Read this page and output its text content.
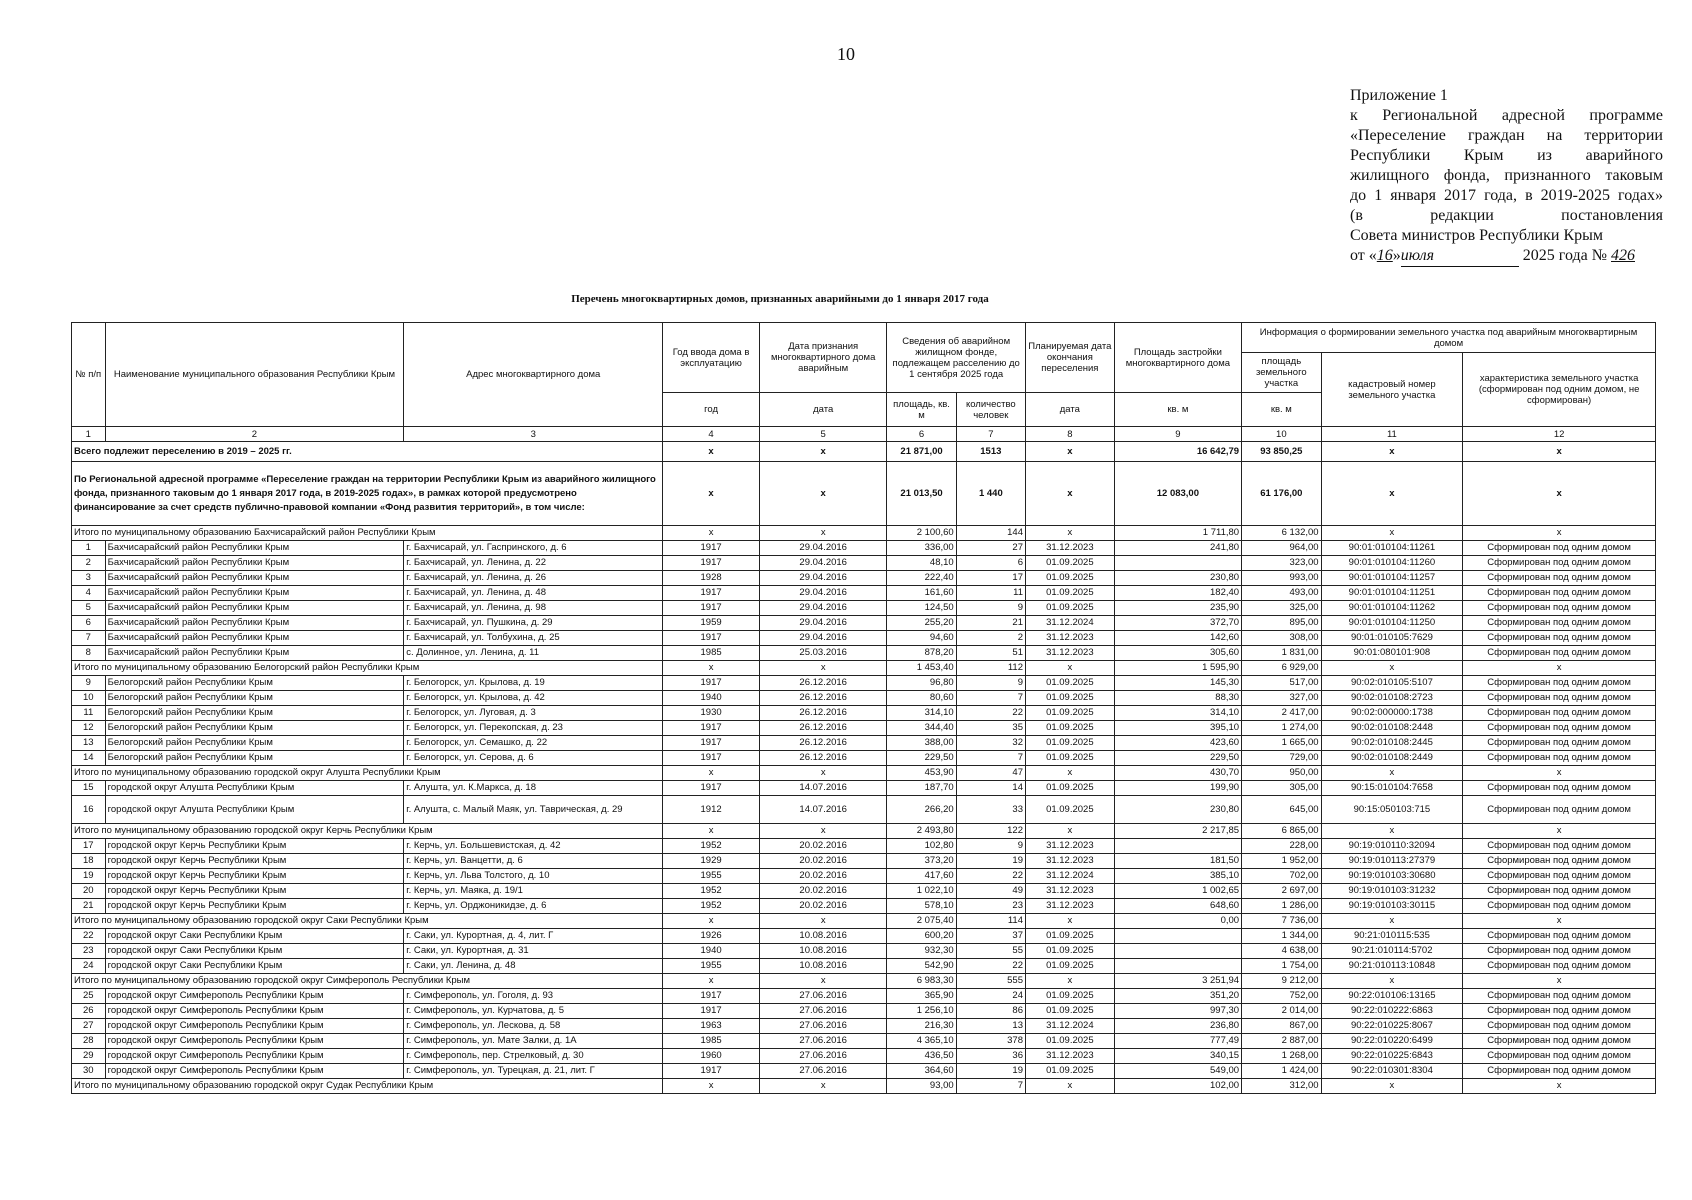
10
Приложение 1
к Региональной адресной программе
«Переселение граждан на территории
Республики Крым из аварийного
жилищного фонда, признанного таковым
до 1 января 2017 года, в 2019-2025 годах»
(в редакции постановления
Совета министров Республики Крым
от «16»июля	2025 года № 426
Перечень многоквартирных домов, признанных аварийными до 1 января 2017 года
№ п/п	Наименование муниципального образования Республики Крым	Адрес многоквартирного дома	Год ввода дома в эксплуатацию	Дата признания многоквартирного дома аварийным	Сведения об аварийном жилищном фонде, подлежащем расселению до 1 сентября 2025 года		Планируемая дата окончания переселения	Площадь застройки многоквартирного дома	Информация о формировании земельного участка под аварийным многоквартирным домом		
									площадь земельного участка	кадастровый номер земельного участка	характеристика земельного участка (сформирован под одним домом, не сформирован)
			год	дата	площадь, кв. м	количество человек	дата	кв. м	кв. м		
1	2	3	4	5	6	7	8	9	10	11	12
Всего подлежит переселению в 2019 – 2025 гг.			x	x	21 871,00	1513	x	16 642,79	93 850,25	x	x
По Региональной адресной программе «Переселение граждан на территории Республики Крым из аварийного жилищного фонда, признанного таковым до 1 января 2017 года, в 2019-2025 годах», в рамках которой предусмотрено финансирование за счет средств публично-правовой компании «Фонд развития территорий», в том числе:			x	x	21 013,50	1 440	x	12 083,00	61 176,00	x	x
Итого по муниципальному образованию Бахчисарайский район Республики Крым			x	x	2 100,60	144	x	1 711,80	6 132,00	x	x
1	Бахчисарайский район Республики Крым	г. Бахчисарай, ул. Гаспринского, д. 6	1917	29.04.2016	336,00	27	31.12.2023	241,80	964,00	90:01:010104:11261	Сформирован под одним домом
2	Бахчисарайский район Республики Крым	г. Бахчисарай, ул. Ленина, д. 22	1917	29.04.2016	48,10	6	01.09.2025		323,00	90:01:010104:11260	Сформирован под одним домом
3	Бахчисарайский район Республики Крым	г. Бахчисарай, ул. Ленина, д. 26	1928	29.04.2016	222,40	17	01.09.2025	230,80	993,00	90:01:010104:11257	Сформирован под одним домом
4	Бахчисарайский район Республики Крым	г. Бахчисарай, ул. Ленина, д. 48	1917	29.04.2016	161,60	11	01.09.2025	182,40	493,00	90:01:010104:11251	Сформирован под одним домом
5	Бахчисарайский район Республики Крым	г. Бахчисарай, ул. Ленина, д. 98	1917	29.04.2016	124,50	9	01.09.2025	235,90	325,00	90:01:010104:11262	Сформирован под одним домом
6	Бахчисарайский район Республики Крым	г. Бахчисарай, ул. Пушкина, д. 29	1959	29.04.2016	255,20	21	31.12.2024	372,70	895,00	90:01:010104:11250	Сформирован под одним домом
7	Бахчисарайский район Республики Крым	г. Бахчисарай, ул. Толбухина, д. 25	1917	29.04.2016	94,60	2	31.12.2023	142,60	308,00	90:01:010105:7629	Сформирован под одним домом
8	Бахчисарайский район Республики Крым	с. Долинное, ул. Ленина, д. 11	1985	25.03.2016	878,20	51	31.12.2023	305,60	1 831,00	90:01:080101:908	Сформирован под одним домом
Итого по муниципальному образованию Белогорский район Республики Крым			x	x	1 453,40	112	x	1 595,90	6 929,00	x	x
9	Белогорский район Республики Крым	г. Белогорск, ул. Крылова, д. 19	1917	26.12.2016	96,80	9	01.09.2025	145,30	517,00	90:02:010105:5107	Сформирован под одним домом
10	Белогорский район Республики Крым	г. Белогорск, ул. Крылова, д. 42	1940	26.12.2016	80,60	7	01.09.2025	88,30	327,00	90:02:010108:2723	Сформирован под одним домом
11	Белогорский район Республики Крым	г. Белогорск, ул. Луговая, д. 3	1930	26.12.2016	314,10	22	01.09.2025	314,10	2 417,00	90:02:000000:1738	Сформирован под одним домом
12	Белогорский район Республики Крым	г. Белогорск, ул. Перекопская, д. 23	1917	26.12.2016	344,40	35	01.09.2025	395,10	1 274,00	90:02:010108:2448	Сформирован под одним домом
13	Белогорский район Республики Крым	г. Белогорск, ул. Семашко, д. 22	1917	26.12.2016	388,00	32	01.09.2025	423,60	1 665,00	90:02:010108:2445	Сформирован под одним домом
14	Белогорский район Республики Крым	г. Белогорск, ул. Серова, д. 6	1917	26.12.2016	229,50	7	01.09.2025	229,50	729,00	90:02:010108:2449	Сформирован под одним домом
Итого по муниципальному образованию городской округ Алушта Республики Крым			x	x	453,90	47	x	430,70	950,00	x	x
15	городской округ Алушта Республики Крым	г. Алушта, ул. К.Маркса, д. 18	1917	14.07.2016	187,70	14	01.09.2025	199,90	305,00	90:15:010104:7658	Сформирован под одним домом
16	городской округ Алушта Республики Крым	г. Алушта, с. Малый Маяк, ул. Таврическая, д. 29	1912	14.07.2016	266,20	33	01.09.2025	230,80	645,00	90:15:050103:715	Сформирован под одним домом
Итого по муниципальному образованию городской округ Керчь Республики Крым			x	x	2 493,80	122	x	2 217,85	6 865,00	x	x
17	городской округ Керчь Республики Крым	г. Керчь, ул. Большевистская, д. 42	1952	20.02.2016	102,80	9	31.12.2023		228,00	90:19:010110:32094	Сформирован под одним домом
18	городской округ Керчь Республики Крым	г. Керчь, ул. Ванцетти, д. 6	1929	20.02.2016	373,20	19	31.12.2023	181,50	1 952,00	90:19:010113:27379	Сформирован под одним домом
19	городской округ Керчь Республики Крым	г. Керчь, ул. Льва Толстого, д. 10	1955	20.02.2016	417,60	22	31.12.2024	385,10	702,00	90:19:010103:30680	Сформирован под одним домом
20	городской округ Керчь Республики Крым	г. Керчь, ул. Маяка, д. 19/1	1952	20.02.2016	1 022,10	49	31.12.2023	1 002,65	2 697,00	90:19:010103:31232	Сформирован под одним домом
21	городской округ Керчь Республики Крым	г. Керчь, ул. Орджоникидзе, д. 6	1952	20.02.2016	578,10	23	31.12.2023	648,60	1 286,00	90:19:010103:30115	Сформирован под одним домом
Итого по муниципальному образованию городской округ Саки Республики Крым			x	x	2 075,40	114	x	0,00	7 736,00	x	x
22	городской округ Саки Республики Крым	г. Саки, ул. Курортная, д. 4, лит. Г	1926	10.08.2016	600,20	37	01.09.2025		1 344,00	90:21:010115:535	Сформирован под одним домом
23	городской округ Саки Республики Крым	г. Саки, ул. Курортная, д. 31	1940	10.08.2016	932,30	55	01.09.2025		4 638,00	90:21:010114:5702	Сформирован под одним домом
24	городской округ Саки Республики Крым	г. Саки, ул. Ленина, д. 48	1955	10.08.2016	542,90	22	01.09.2025		1 754,00	90:21:010113:10848	Сформирован под одним домом
Итого по муниципальному образованию городской округ Симферополь Республики Крым			x	x	6 983,30	555	x	3 251,94	9 212,00	x	x
25	городской округ Симферополь Республики Крым	г. Симферополь, ул. Гоголя, д. 93	1917	27.06.2016	365,90	24	01.09.2025	351,20	752,00	90:22:010106:13165	Сформирован под одним домом
26	городской округ Симферополь Республики Крым	г. Симферополь, ул. Курчатова, д. 5	1917	27.06.2016	1 256,10	86	01.09.2025	997,30	2 014,00	90:22:010222:6863	Сформирован под одним домом
27	городской округ Симферополь Республики Крым	г. Симферополь, ул. Лескова, д. 58	1963	27.06.2016	216,30	13	31.12.2024	236,80	867,00	90:22:010225:8067	Сформирован под одним домом
28	городской округ Симферополь Республики Крым	г. Симферополь, ул. Мате Залки, д. 1А	1985	27.06.2016	4 365,10	378	01.09.2025	777,49	2 887,00	90:22:010220:6499	Сформирован под одним домом
29	городской округ Симферополь Республики Крым	г. Симферополь, пер. Стрелковый, д. 30	1960	27.06.2016	436,50	36	31.12.2023	340,15	1 268,00	90:22:010225:6843	Сформирован под одним домом
30	городской округ Симферополь Республики Крым	г. Симферополь, ул. Турецкая, д. 21, лит. Г	1917	27.06.2016	364,60	19	01.09.2025	549,00	1 424,00	90:22:010301:8304	Сформирован под одним домом
Итого по муниципальному образованию городской округ Судак Республики Крым			x	x	93,00	7	x	102,00	312,00	x	x
